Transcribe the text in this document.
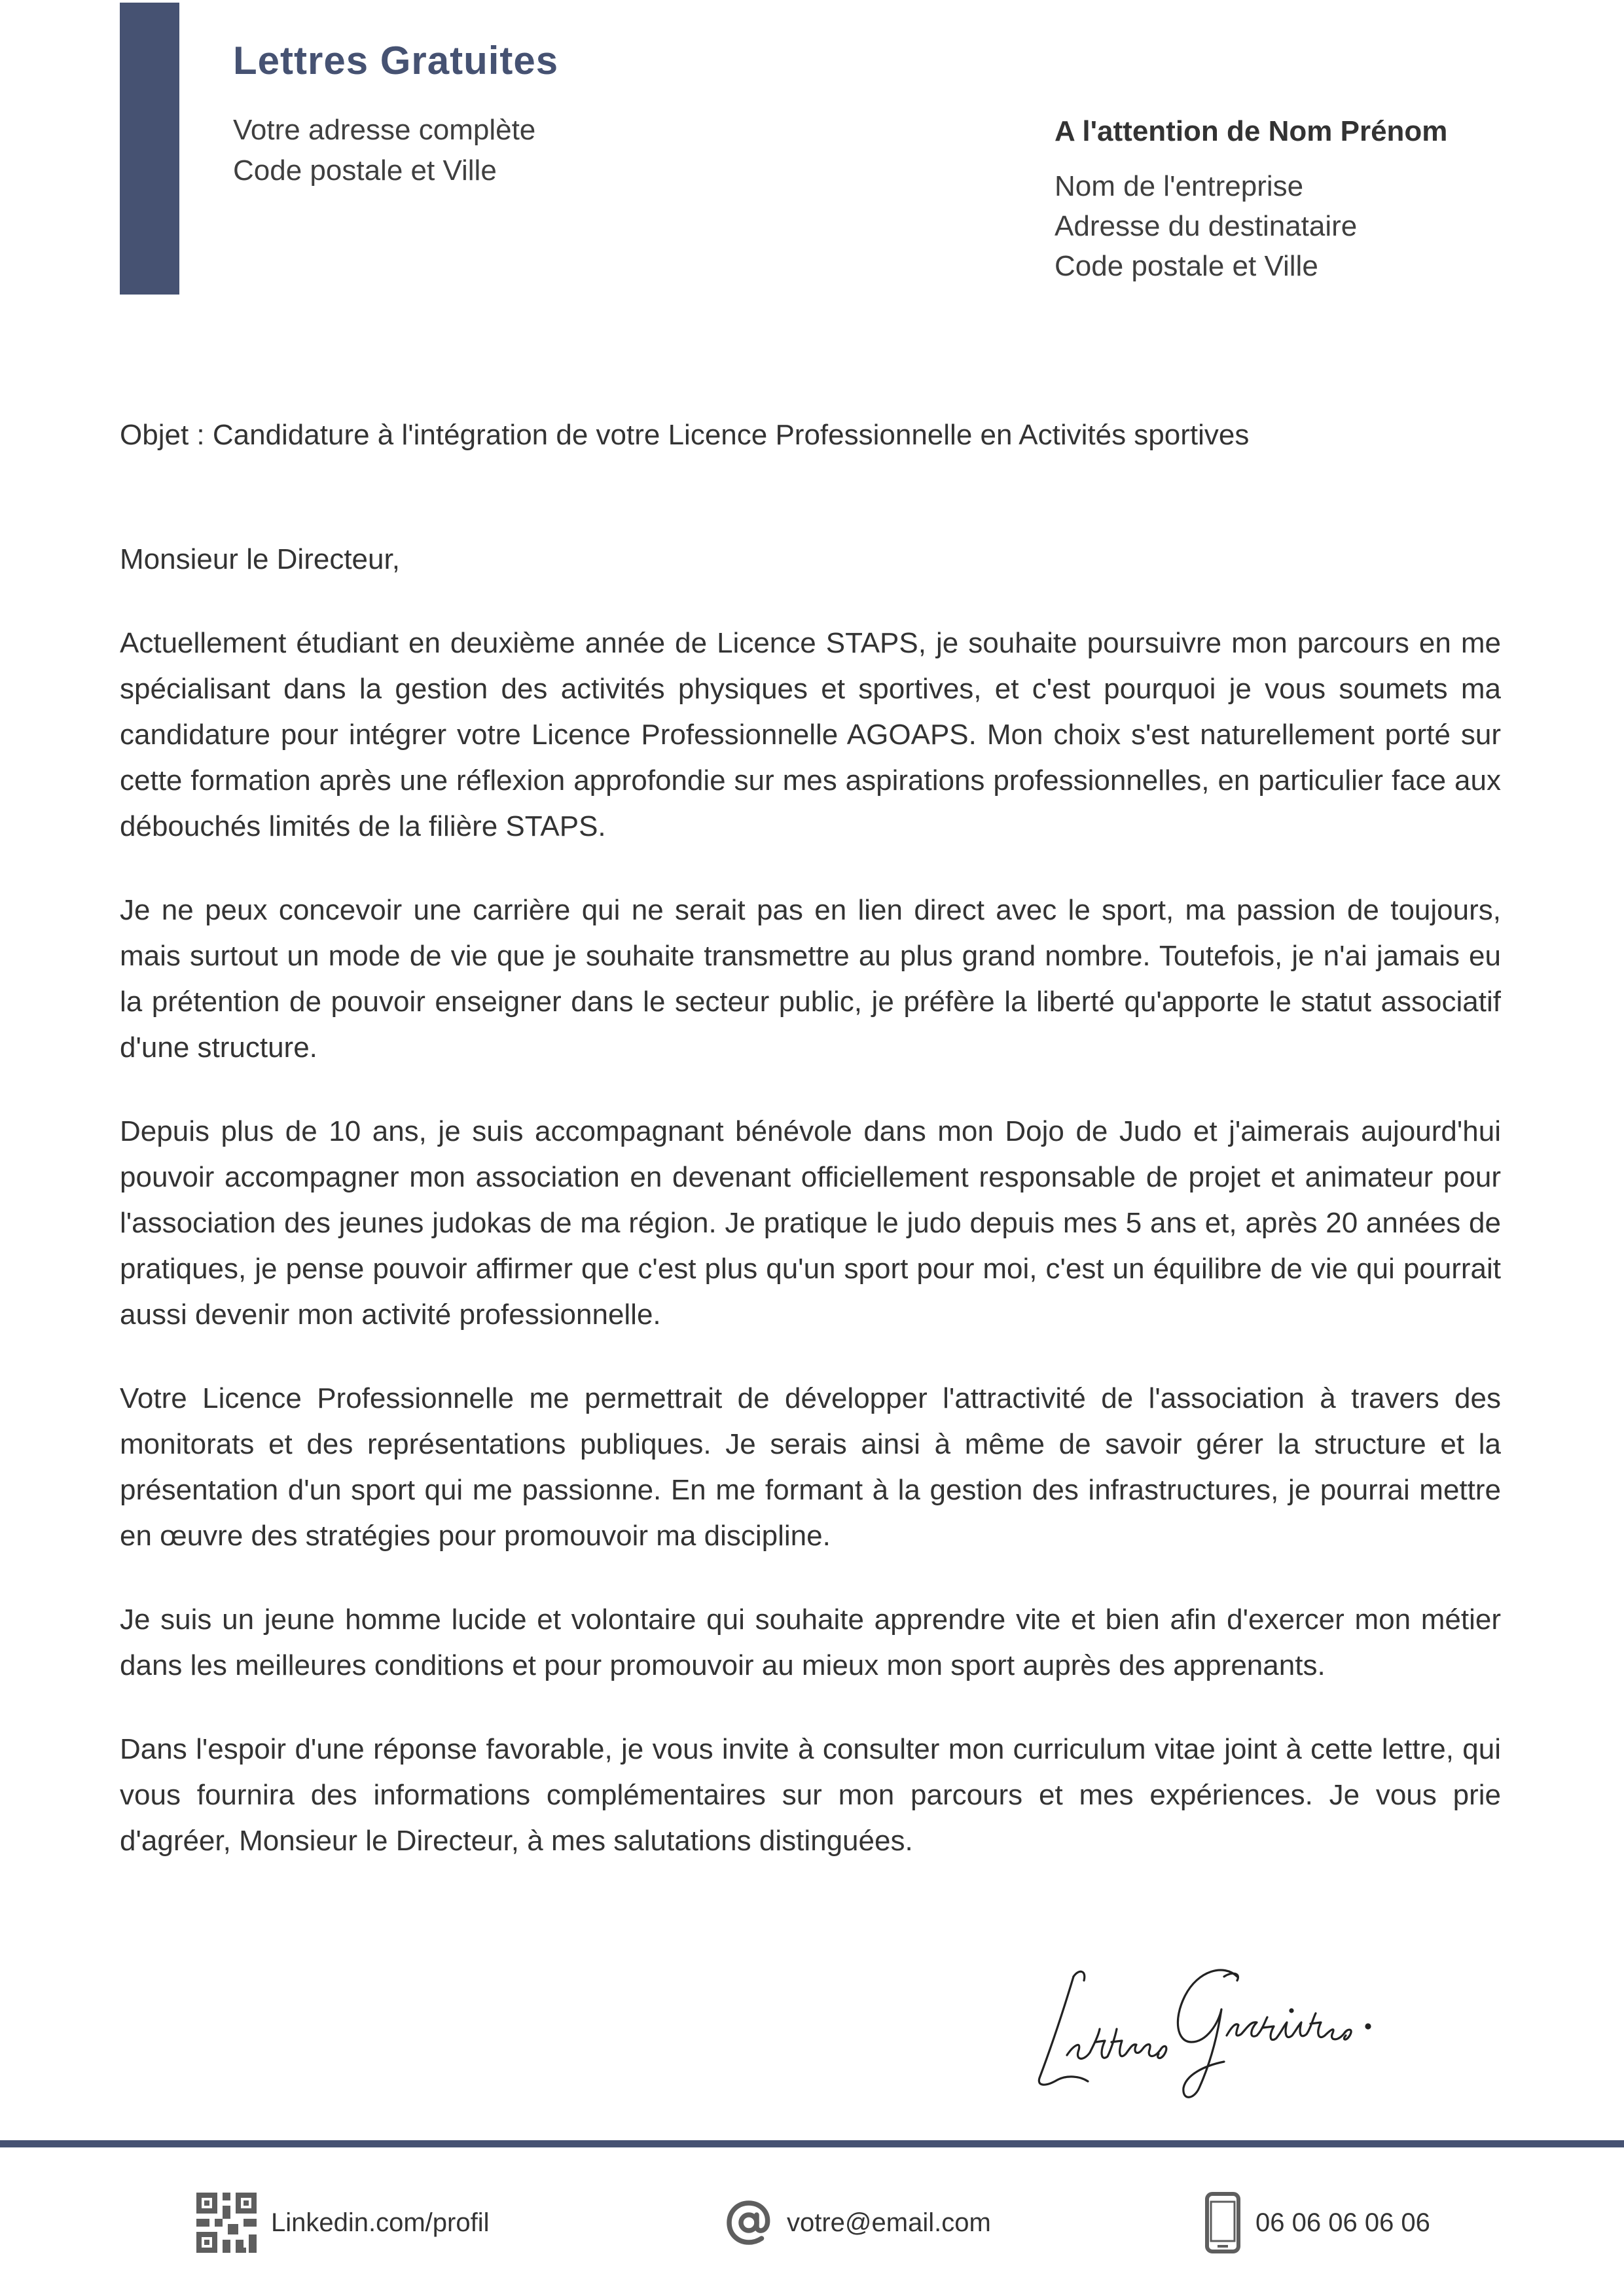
Lettres Gratuites
Votre adresse complète
Code postale et Ville
A l'attention de Nom Prénom
Nom de l'entreprise
Adresse du destinataire
Code postale et Ville
Objet : Candidature à l'intégration de votre Licence Professionnelle en Activités sportives

Monsieur le Directeur,

Actuellement étudiant en deuxième année de Licence STAPS, je souhaite poursuivre mon parcours en me spécialisant dans la gestion des activités physiques et sportives, et c'est pourquoi je vous soumets ma candidature pour intégrer votre Licence Professionnelle AGOAPS. Mon choix s'est naturellement porté sur cette formation après une réflexion approfondie sur mes aspirations professionnelles, en particulier face aux débouchés limités de la filière STAPS.

Je ne peux concevoir une carrière qui ne serait pas en lien direct avec le sport, ma passion de toujours, mais surtout un mode de vie que je souhaite transmettre au plus grand nombre. Toutefois, je n'ai jamais eu la prétention de pouvoir enseigner dans le secteur public, je préfère la liberté qu'apporte le statut associatif d'une structure.

Depuis plus de 10 ans, je suis accompagnant bénévole dans mon Dojo de Judo et j'aimerais aujourd'hui pouvoir accompagner mon association en devenant officiellement responsable de projet et animateur pour l'association des jeunes judokas de ma région. Je pratique le judo depuis mes 5 ans et, après 20 années de pratiques, je pense pouvoir affirmer que c'est plus qu'un sport pour moi, c'est un équilibre de vie qui pourrait aussi devenir mon activité professionnelle.

Votre Licence Professionnelle me permettrait de développer l'attractivité de l'association à travers des monitorats et des représentations publiques. Je serais ainsi à même de savoir gérer la structure et la présentation d'un sport qui me passionne. En me formant à la gestion des infrastructures, je pourrai mettre en œuvre des stratégies pour promouvoir ma discipline.

Je suis un jeune homme lucide et volontaire qui souhaite apprendre vite et bien afin d'exercer mon métier dans les meilleures conditions et pour promouvoir au mieux mon sport auprès des apprenants.

Dans l'espoir d'une réponse favorable, je vous invite à consulter mon curriculum vitae joint à cette lettre, qui vous fournira des informations complémentaires sur mon parcours et mes expériences. Je vous prie d'agréer, Monsieur le Directeur, à mes salutations distinguées.

Linkedin.com/profil	votre@email.com	06 06 06 06 06
